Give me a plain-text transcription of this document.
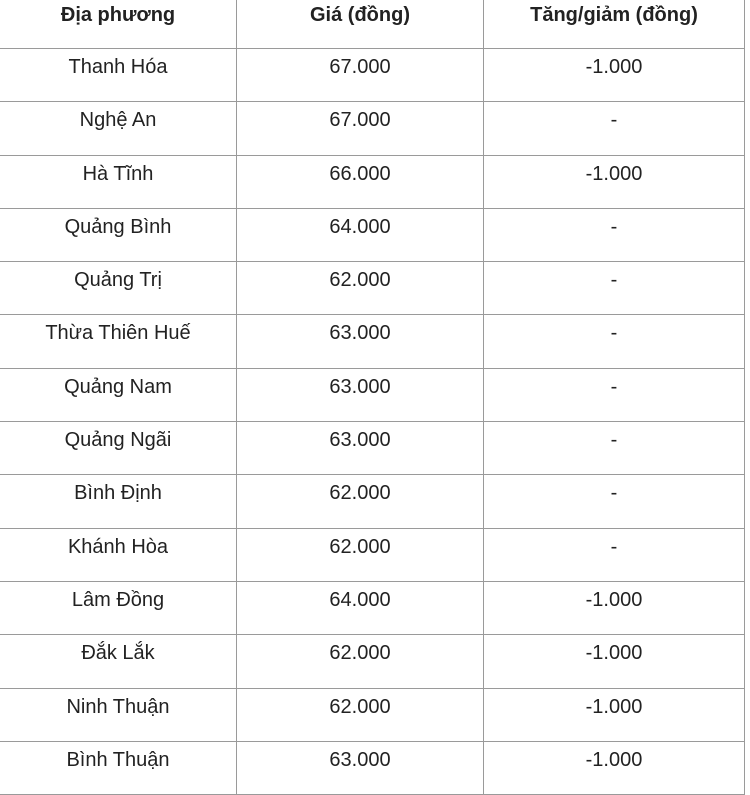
Địa phương	Giá (đồng)	Tăng/giảm (đồng)
Thanh Hóa	67.000	-1.000
Nghệ An	67.000	-
Hà Tĩnh	66.000	-1.000
Quảng Bình	64.000	-
Quảng Trị	62.000	-
Thừa Thiên Huế	63.000	-
Quảng Nam	63.000	-
Quảng Ngãi	63.000	-
Bình Định	62.000	-
Khánh Hòa	62.000	-
Lâm Đồng	64.000	-1.000
Đắk Lắk	62.000	-1.000
Ninh Thuận	62.000	-1.000
Bình Thuận	63.000	-1.000
